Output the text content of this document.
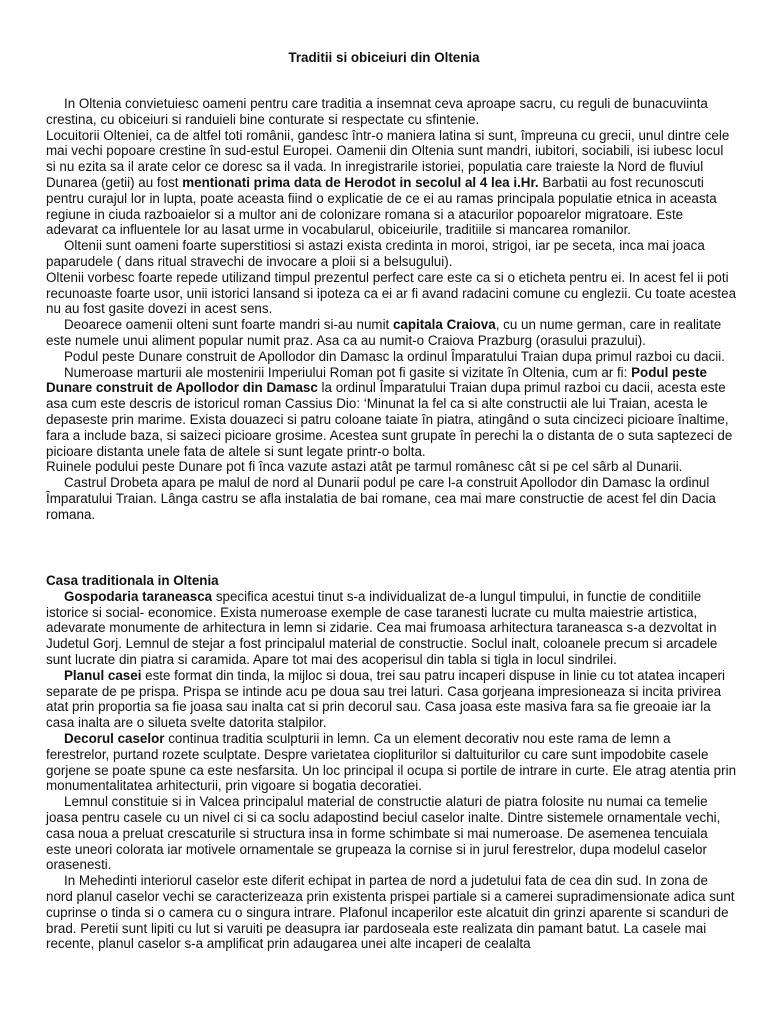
Traditii si obiceiuri din Oltenia

In Oltenia convietuiesc oameni pentru care traditia a insemnat ceva aproape sacru, cu reguli de bunacuviinta crestina, cu obiceiuri si randuieli bine conturate si respectate cu sfintenie.

Locuitorii Olteniei, ca de altfel toti românii, gandesc într-o maniera latina si sunt, împreuna cu grecii, unul dintre cele mai vechi popoare crestine în sud-estul Europei. Oamenii din Oltenia sunt mandri, iubitori, sociabili, isi iubesc locul si nu ezita sa il arate celor ce doresc sa il vada. In inregistrarile istoriei, populatia care traieste la Nord de fluviul Dunarea (getii) au fost mentionati prima data de Herodot in secolul al 4 lea i.Hr. Barbatii au fost recunoscuti pentru curajul lor in lupta, poate aceasta fiind o explicatie de ce ei au ramas principala populatie etnica in aceasta regiune in ciuda razboaielor si a multor ani de colonizare romana si a atacurilor popoarelor migratoare. Este adevarat ca influentele lor au lasat urme in vocabularul, obiceiurile, traditiile si mancarea romanilor.

Oltenii sunt oameni foarte superstitiosi si astazi exista credinta in moroi, strigoi, iar pe seceta, inca mai joaca paparudele ( dans ritual stravechi de invocare a ploii si a belsugului).

Oltenii vorbesc foarte repede utilizand timpul prezentul perfect care este ca si o eticheta pentru ei. In acest fel ii poti recunoaste foarte usor, unii istorici lansand si ipoteza ca ei ar fi avand radacini comune cu englezii. Cu toate acestea nu au fost gasite dovezi in acest sens.

Deoarece oamenii olteni sunt foarte mandri si-au numit capitala Craiova, cu un nume german, care in realitate este numele unui aliment popular numit praz. Asa ca au numit-o Craiova Prazburg (orasului prazului).

Podul peste Dunare construit de Apollodor din Damasc la ordinul Împaratului Traian dupa primul razboi cu dacii.

Numeroase marturii ale mostenirii Imperiului Roman pot fi gasite si vizitate în Oltenia, cum ar fi: Podul peste Dunare construit de Apollodor din Damasc la ordinul Împaratului Traian dupa primul razboi cu dacii, acesta este asa cum este descris de istoricul roman Cassius Dio: ‘Minunat la fel ca si alte constructii ale lui Traian, acesta le depaseste prin marime. Exista douazeci si patru coloane taiate în piatra, atingând o suta cincizeci picioare înaltime, fara a include baza, si saizeci picioare grosime. Acestea sunt grupate în perechi la o distanta de o suta saptezeci de picioare distanta unele fata de altele si sunt legate printr-o bolta.

Ruinele podului peste Dunare pot fi înca vazute astazi atât pe tarmul românesc cât si pe cel sârb al Dunarii.

Castrul Drobeta apara pe malul de nord al Dunarii podul pe care l-a construit Apollodor din Damasc la ordinul Împaratului Traian. Lânga castru se afla instalatia de bai romane, cea mai mare constructie de acest fel din Dacia romana.

Casa traditionala in Oltenia

Gospodaria taraneasca specifica acestui tinut s-a individualizat de-a lungul timpului, in functie de conditiile istorice si social- economice. Exista numeroase exemple de case taranesti lucrate cu multa maiestrie artistica, adevarate monumente de arhitectura in lemn si zidarie. Cea mai frumoasa arhitectura taraneasca s-a dezvoltat in Judetul Gorj. Lemnul de stejar a fost principalul material de constructie. Soclul inalt, coloanele precum si arcadele sunt lucrate din piatra si caramida. Apare tot mai des acoperisul din tabla si tigla in locul sindrilei.

Planul casei este format din tinda, la mijloc si doua, trei sau patru incaperi dispuse in linie cu tot atatea incaperi separate de pe prispa. Prispa se intinde acu pe doua sau trei laturi. Casa gorjeana impresioneaza si incita privirea atat prin proportia sa fie joasa sau inalta cat si prin decorul sau. Casa joasa este masiva fara sa fie greoaie iar la casa inalta are o silueta svelte datorita stalpilor.

Decorul caselor continua traditia sculpturii in lemn. Ca un element decorativ nou este rama de lemn a ferestrelor, purtand rozete sculptate. Despre varietatea ciopliturilor si daltuiturilor cu care sunt impodobite casele gorjene se poate spune ca este nesfarsita. Un loc principal il ocupa si portile de intrare in curte. Ele atrag atentia prin monumentalitatea arhitecturii, prin vigoare si bogatia decoratiei.

Lemnul constituie si in Valcea principalul material de constructie alaturi de piatra folosite nu numai ca temelie joasa pentru casele cu un nivel ci si ca soclu adapostind beciul caselor inalte. Dintre sistemele ornamentale vechi, casa noua a preluat crescaturile si structura insa in forme schimbate si mai numeroase. De asemenea tencuiala este uneori colorata iar motivele ornamentale se grupeaza la cornise si in jurul ferestrelor, dupa modelul caselor orasenesti.

In Mehedinti interiorul caselor este diferit echipat in partea de nord a judetului fata de cea din sud. In zona de nord planul caselor vechi se caracterizeaza prin existenta prispei partiale si a camerei supradimensionate adica sunt cuprinse o tinda si o camera cu o singura intrare. Plafonul incaperilor este alcatuit din grinzi aparente si scanduri de brad. Peretii sunt lipiti cu lut si varuiti pe deasupra iar pardoseala este realizata din pamant batut. La casele mai recente, planul caselor s-a amplificat prin adaugarea unei alte incaperi de cealalta
